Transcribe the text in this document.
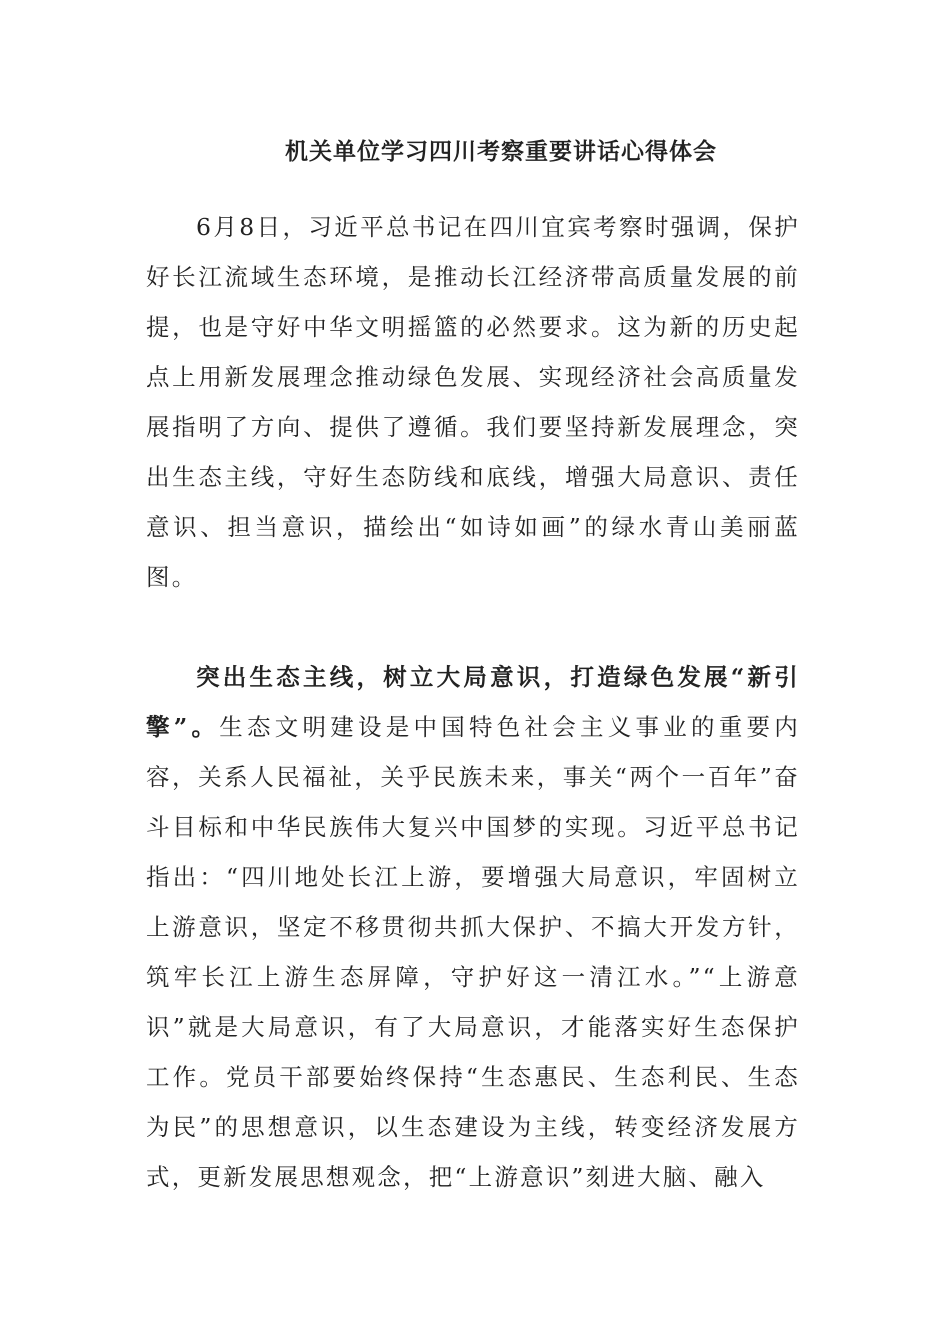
机关单位学习四川考察重要讲话心得体会

6月8日，习近平总书记在四川宜宾考察时强调，保护好长江流域生态环境，是推动长江经济带高质量发展的前提，也是守好中华文明摇篮的必然要求。这为新的历史起点上用新发展理念推动绿色发展、实现经济社会高质量发展指明了方向、提供了遵循。我们要坚持新发展理念，突出生态主线，守好生态防线和底线，增强大局意识、责任意识、担当意识，描绘出“如诗如画”的绿水青山美丽蓝图。

突出生态主线，树立大局意识，打造绿色发展“新引擎”。生态文明建设是中国特色社会主义事业的重要内容，关系人民福祉，关乎民族未来，事关“两个一百年”奋斗目标和中华民族伟大复兴中国梦的实现。习近平总书记指出：“四川地处长江上游，要增强大局意识，牢固树立上游意识，坚定不移贯彻共抓大保护、不搞大开发方针，筑牢长江上游生态屏障，守护好这一清江水。”“上游意识”就是大局意识，有了大局意识，才能落实好生态保护工作。党员干部要始终保持“生态惠民、生态利民、生态为民”的思想意识，以生态建设为主线，转变经济发展方式，更新发展思想观念，把“上游意识”刻进大脑、融入
